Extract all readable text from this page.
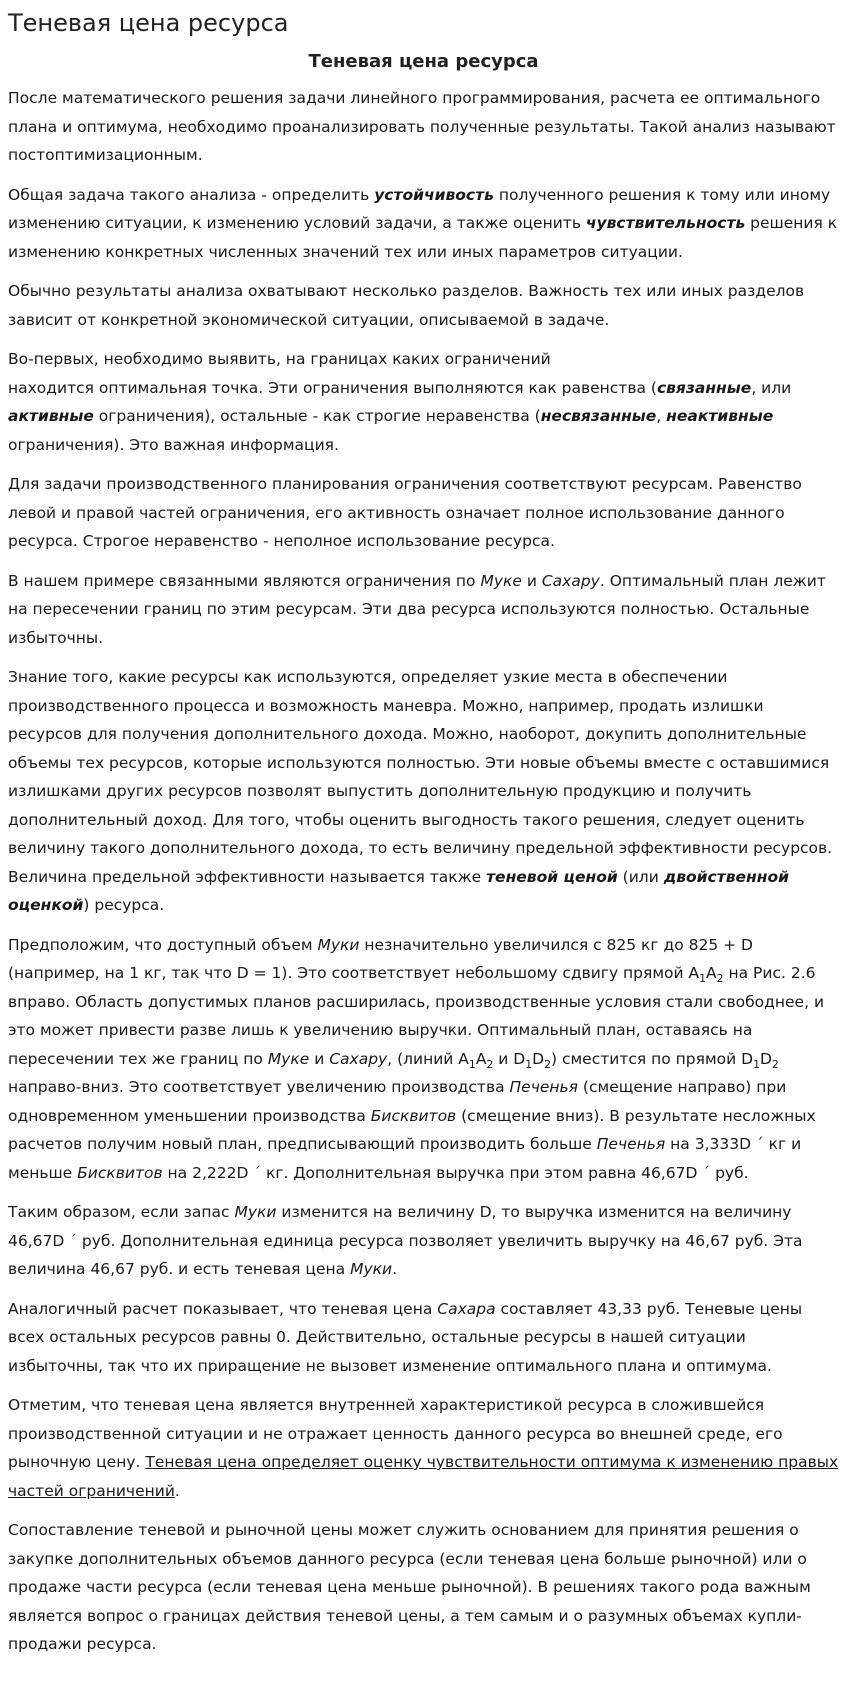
Теневая цена ресурса
Теневая цена ресурса

После математического решения задачи линейного программирования, расчета ее оптимального плана и оптимума, необходимо проанализировать полученные результаты. Такой анализ называют постоптимизационным.

Общая задача такого анализа - определить устойчивость полученного решения к тому или иному изменению ситуации, к изменению условий задачи, а также оценить чувствительность решения к изменению конкретных численных значений тех или иных параметров ситуации.

Обычно результаты анализа охватывают несколько разделов. Важность тех или иных разделов зависит от конкретной экономической ситуации, описываемой в задаче.

Во-первых, необходимо выявить, на границах каких ограничений
находится оптимальная точка. Эти ограничения выполняются как равенства (связанные, или активные ограничения), остальные - как строгие неравенства (несвязанные, неактивные ограничения). Это важная информация.

Для задачи производственного планирования ограничения соответствуют ресурсам. Равенство левой и правой частей ограничения, его активность означает полное использование данного ресурса. Строгое неравенство - неполное использование ресурса.

В нашем примере связанными являются ограничения по Муке и Сахару. Оптимальный план лежит на пересечении границ по этим ресурсам. Эти два ресурса используются полностью. Остальные избыточны.

Знание того, какие ресурсы как используются, определяет узкие места в обеспечении производственного процесса и возможность маневра. Можно, например, продать излишки ресурсов для получения дополнительного дохода. Можно, наоборот, докупить дополнительные объемы тех ресурсов, которые используются полностью. Эти новые объемы вместе с оставшимися излишками других ресурсов позволят выпустить дополнительную продукцию и получить дополнительный доход. Для того, чтобы оценить выгодность такого решения, следует оценить величину такого дополнительного дохода, то есть величину предельной эффективности ресурсов. Величина предельной эффективности называется также теневой ценой (или двойственной оценкой) ресурса.

Предположим, что доступный объем Муки незначительно увеличился с 825 кг до 825 + D (например, на 1 кг, так что D = 1). Это соответствует небольшому сдвигу прямой $A_1A_2$ на Рис. 2.6 вправо. Область допустимых планов расширилась, производственные условия стали свободнее, и это может привести разве лишь к увеличению выручки. Оптимальный план, оставаясь на пересечении тех же границ по Муке и Сахару, (линий $A_1A_2$ и $D_1D_2$) сместится по прямой $D_1D_2$ направо-вниз. Это соответствует увеличению производства Печенья (смещение направо) при одновременном уменьшении производства Бисквитов (смещение вниз). В результате несложных расчетов получим новый план, предписывающий производить больше Печенья на 3,333D ´ кг и меньше Бисквитов на 2,222D ´ кг. Дополнительная выручка при этом равна 46,67D ´ руб.

Таким образом, если запас Муки изменится на величину D, то выручка изменится на величину 46,67D ´ руб. Дополнительная единица ресурса позволяет увеличить выручку на 46,67 руб. Эта величина 46,67 руб. и есть теневая цена Муки.

Аналогичный расчет показывает, что теневая цена Сахара составляет 43,33 руб. Теневые цены всех остальных ресурсов равны 0. Действительно, остальные ресурсы в нашей ситуации избыточны, так что их приращение не вызовет изменение оптимального плана и оптимума.

Отметим, что теневая цена является внутренней характеристикой ресурса в сложившейся производственной ситуации и не отражает ценность данного ресурса во внешней среде, его рыночную цену. Теневая цена определяет оценку чувствительности оптимума к изменению правых частей ограничений.

Сопоставление теневой и рыночной цены может служить основанием для принятия решения о закупке дополнительных объемов данного ресурса (если теневая цена больше рыночной) или о продаже части ресурса (если теневая цена меньше рыночной). В решениях такого рода важным является вопрос о границах действия теневой цены, а тем самым и о разумных объемах купли-продажи ресурса.
